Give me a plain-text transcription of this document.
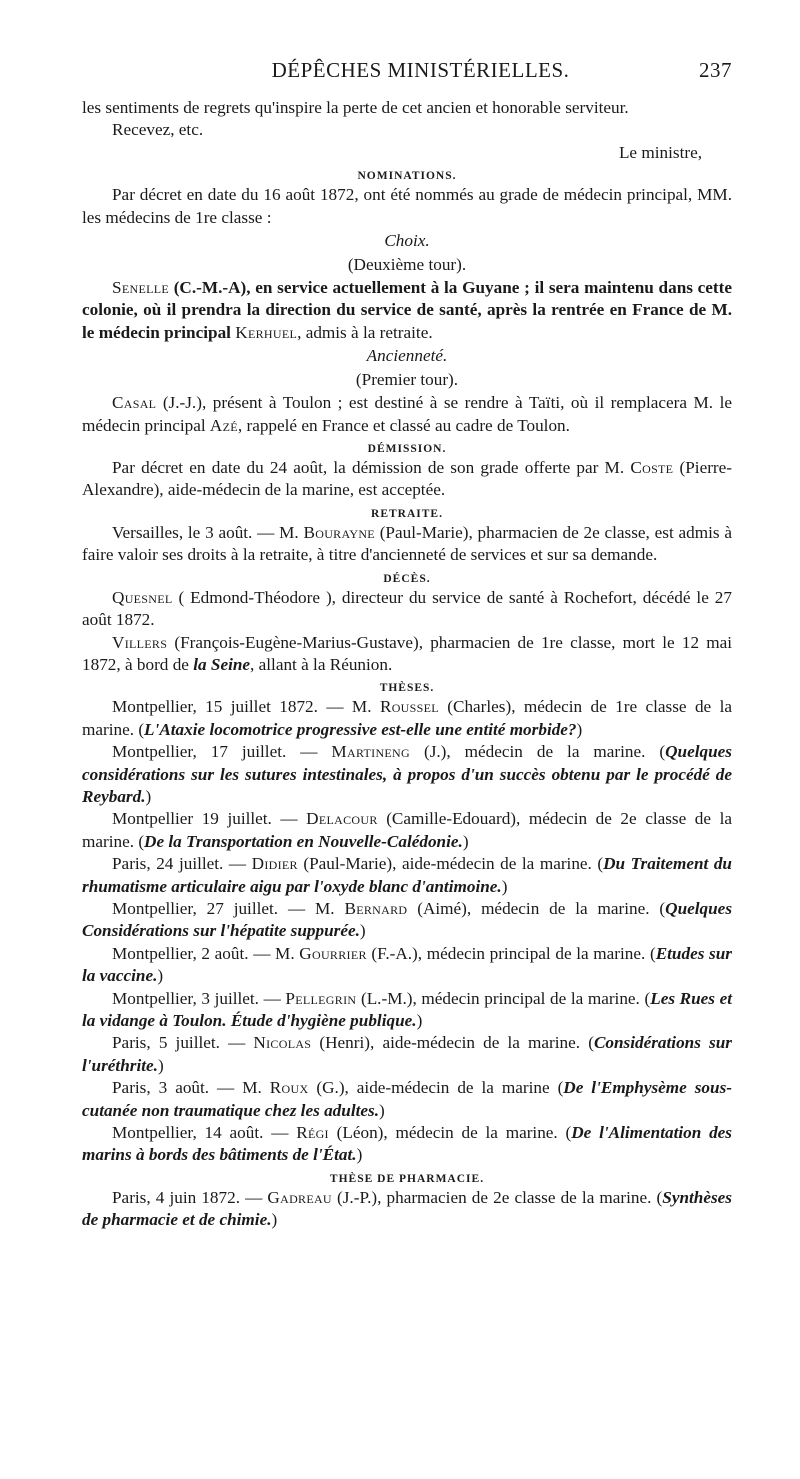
DÉPÊCHES MINISTÉRIELLES.	237

les sentiments de regrets qu'inspire la perte de cet ancien et honorable serviteur.

Recevez, etc.

Le ministre,
NOMINATIONS.

Par décret en date du 16 août 1872, ont été nommés au grade de médecin principal, MM. les médecins de 1re classe :

Choix.
(Deuxième tour).

Senelle (C.-M.-A), en service actuellement à la Guyane ; il sera maintenu dans cette colonie, où il prendra la direction du service de santé, après la rentrée en France de M. le médecin principal Kerhuel, admis à la retraite.

Ancienneté.
(Premier tour).

Casal (J.-J.), présent à Toulon ; est destiné à se rendre à Taïti, où il remplacera M. le médecin principal Azé, rappelé en France et classé au cadre de Toulon.

DÉMISSION.

Par décret en date du 24 août, la démission de son grade offerte par M. Coste (Pierre-Alexandre), aide-médecin de la marine, est acceptée.

RETRAITE.

Versailles, le 3 août. — M. Bourayne (Paul-Marie), pharmacien de 2e classe, est admis à faire valoir ses droits à la retraite, à titre d'ancienneté de services et sur sa demande.

DÉCÈS.

Quesnel ( Edmond-Théodore ), directeur du service de santé à Rochefort, décédé le 27 août 1872.

Villers (François-Eugène-Marius-Gustave), pharmacien de 1re classe, mort le 12 mai 1872, à bord de la Seine, allant à la Réunion.

THÈSES.

Montpellier, 15 juillet 1872. — M. Roussel (Charles), médecin de 1re classe de la marine. (L'Ataxie locomotrice progressive est-elle une entité morbide?)

Montpellier, 17 juillet. — Martineng (J.), médecin de la marine. (Quelques considérations sur les sutures intestinales, à propos d'un succès obtenu par le procédé de Reybard.)

Montpellier 19 juillet. — Delacour (Camille-Edouard), médecin de 2e classe de la marine. (De la Transportation en Nouvelle-Calédonie.)

Paris, 24 juillet. — Didier (Paul-Marie), aide-médecin de la marine. (Du Traitement du rhumatisme articulaire aigu par l'oxyde blanc d'antimoine.)

Montpellier, 27 juillet. — M. Bernard (Aimé), médecin de la marine. (Quelques Considérations sur l'hépatite suppurée.)

Montpellier, 2 août. — M. Gourrier (F.-A.), médecin principal de la marine. (Etudes sur la vaccine.)

Montpellier, 3 juillet. — Pellegrin (L.-M.), médecin principal de la marine. (Les Rues et la vidange à Toulon. Étude d'hygiène publique.)

Paris, 5 juillet. — Nicolas (Henri), aide-médecin de la marine. (Considérations sur l'uréthrite.)

Paris, 3 août. — M. Roux (G.), aide-médecin de la marine (De l'Emphysème sous-cutanée non traumatique chez les adultes.)

Montpellier, 14 août. — Régi (Léon), médecin de la marine. (De l'Alimentation des marins à bords des bâtiments de l'État.)

THÈSE DE PHARMACIE.

Paris, 4 juin 1872. — Gadreau (J.-P.), pharmacien de 2e classe de la marine. (Synthèses de pharmacie et de chimie.)
